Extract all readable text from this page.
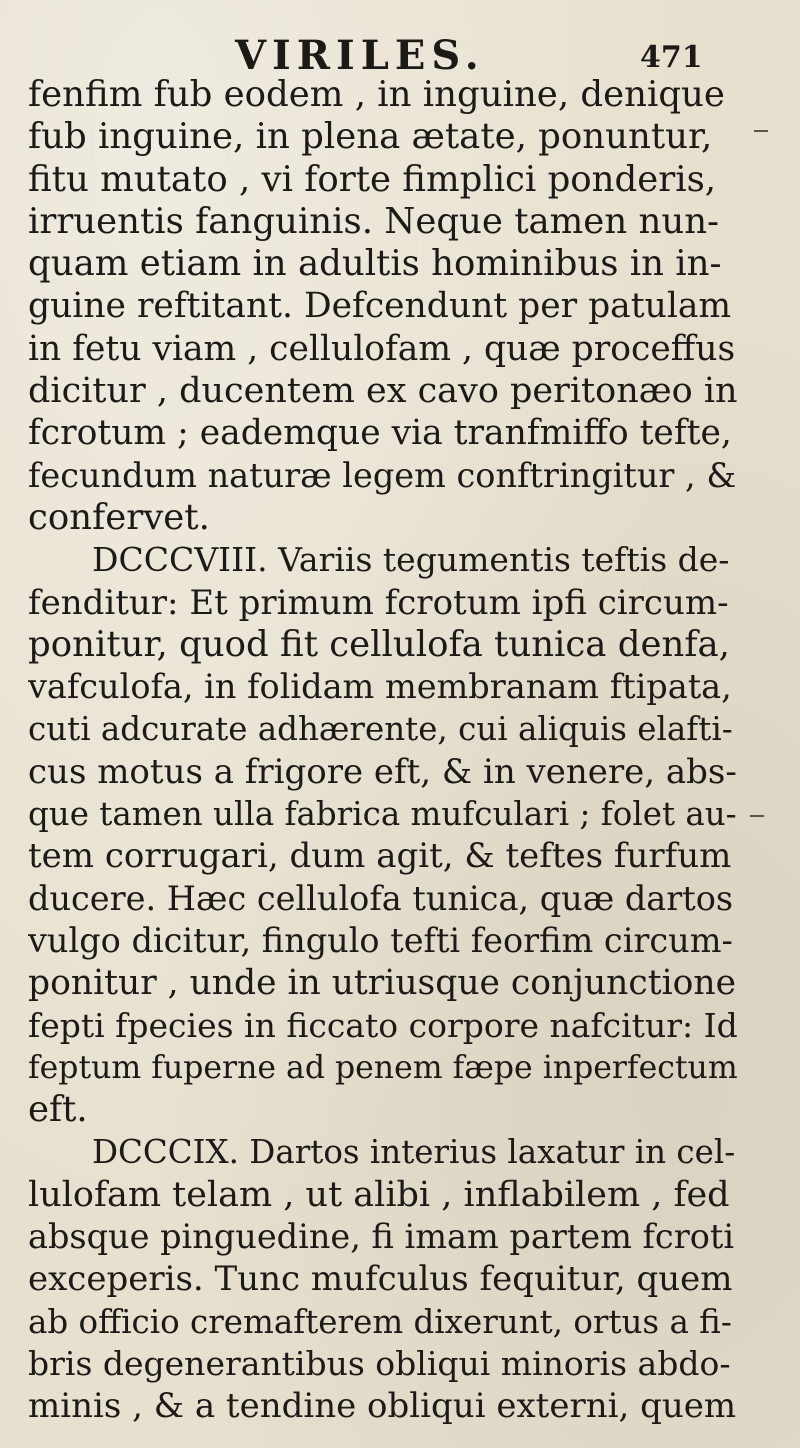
VIRILES.	471
fenfim fub eodem , in inguine, denique
fub inguine, in plena ætate, ponuntur,
fitu mutato , vi forte fimplici ponderis,
irruentis fanguinis. Neque tamen nun-
quam etiam in adultis hominibus in in-
guine reftitant. Defcendunt per patulam
in fetu viam , cellulofam , quæ proceffus
dicitur , ducentem ex cavo peritonæo in
fcrotum ; eademque via tranfmiffo tefte,
fecundum naturæ legem conftringitur , &
confervet.
DCCCVIII. Variis tegumentis teftis de-
fenditur: Et primum fcrotum ipfi circum-
ponitur, quod fit cellulofa tunica denfa,
vafculofa, in folidam membranam ftipata,
cuti adcurate adhærente, cui aliquis elafti-
cus motus a frigore eft, & in venere, abs-
que tamen ulla fabrica mufculari ; folet au-
tem corrugari, dum agit, & teftes furfum
ducere. Hæc cellulofa tunica, quæ dartos
vulgo dicitur, fingulo tefti feorfim circum-
ponitur , unde in utriusque conjunctione
fepti fpecies in ficcato corpore nafcitur: Id
feptum fuperne ad penem fæpe inperfectum
eft.
DCCCIX. Dartos interius laxatur in cel-
lulofam telam , ut alibi , inflabilem , fed
absque pinguedine, fi imam partem fcroti
exceperis. Tunc mufculus fequitur, quem
ab officio cremafterem dixerunt, ortus a fi-
bris degenerantibus obliqui minoris abdo-
minis , & a tendine obliqui externi, quem
